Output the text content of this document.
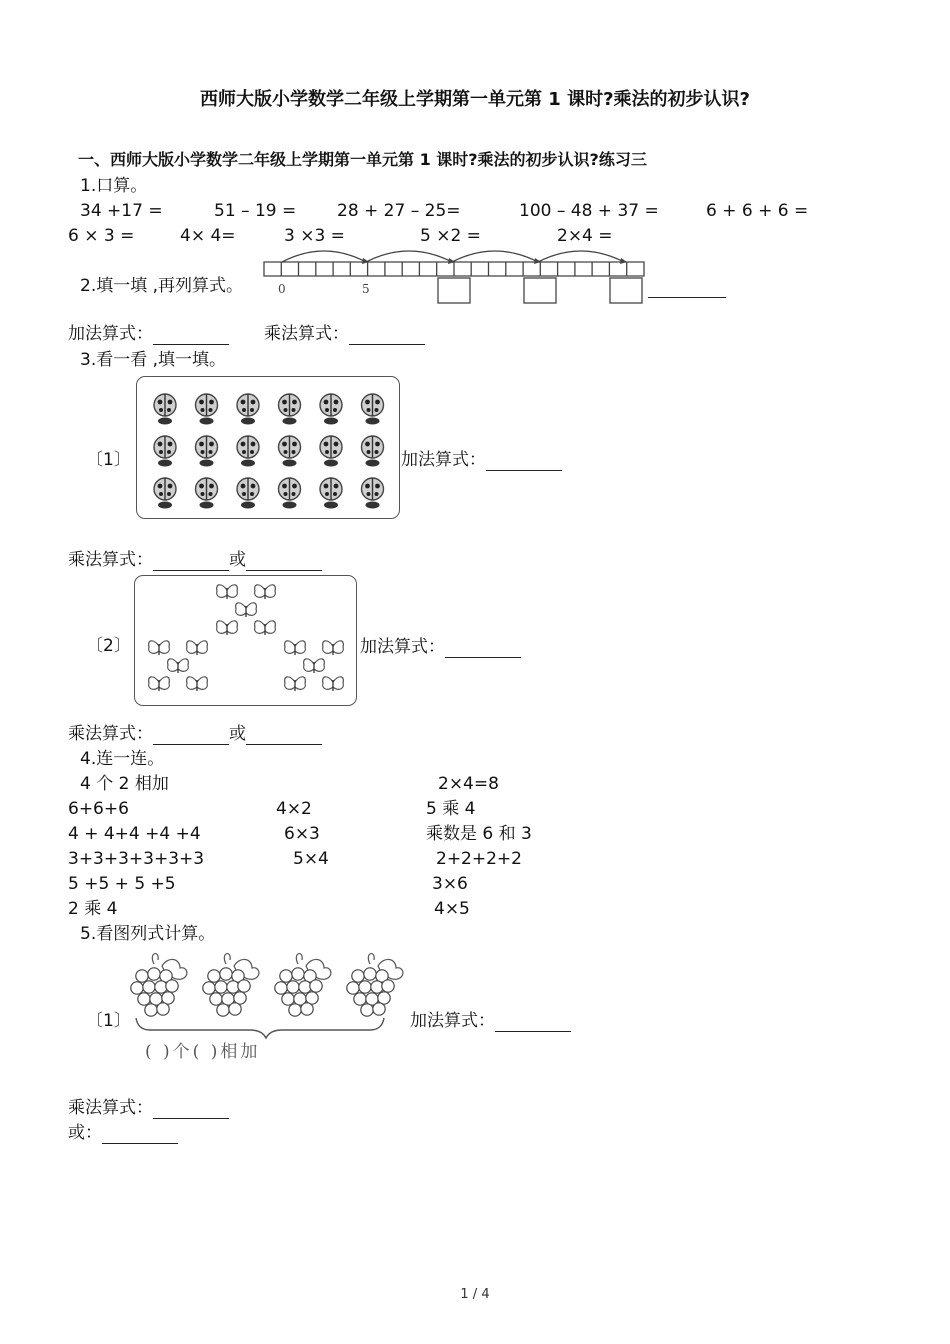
西师大版小学数学二年级上学期第一单元第 1 课时?乘法的初步认识?
一、西师大版小学数学二年级上学期第一单元第 1 课时?乘法的初步认识?练习三
1.口算。
34 +17 =	51 – 19 = 28 + 27 – 25=	100 – 48 + 37 =	6 + 6 + 6 =
6 × 3 =	4× 4=	3 ×3 =	5 ×2 =	2×4 =
2.填一填 ,再列算式。	0	5
加法算式：	乘法算式：
3.看一看 ,填一填。
〔1〕	加法算式：
乘法算式：	或
〔2〕	加法算式：
乘法算式：	或
4.连一连。
4 个 2 相加
6+6+6
4 + 4+4 +4 +4
3+3+3+3+3+3
5 +5 + 5 +5
2 乘 4
4×2
6×3
5×4
2×4=8
5 乘 4
乘数是 6 和 3
2+2+2+2
3×6
4×5
5.看图列式计算。
〔1〕
( )个( )相加
加法算式：
乘法算式：
或：
1 / 4
